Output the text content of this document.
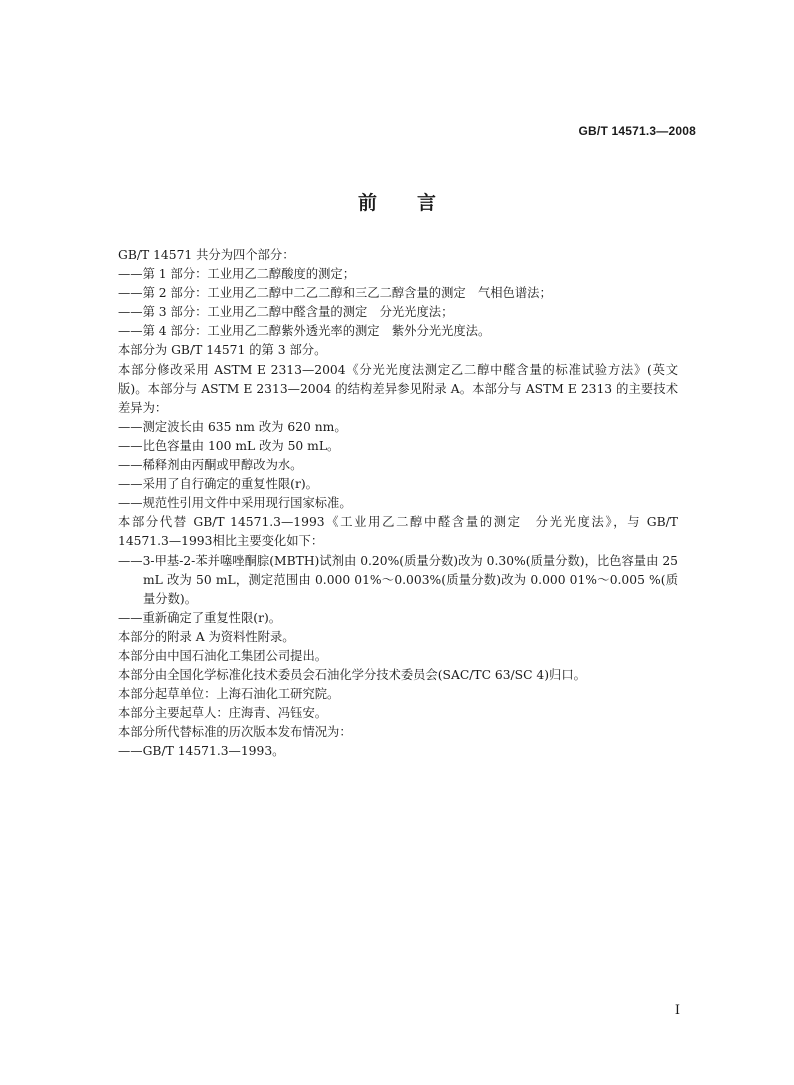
GB/T 14571.3—2008
前言

GB/T 14571 共分为四个部分：

——第 1 部分：工业用乙二醇酸度的测定；

——第 2 部分：工业用乙二醇中二乙二醇和三乙二醇含量的测定　气相色谱法；

——第 3 部分：工业用乙二醇中醛含量的测定　分光光度法；

——第 4 部分：工业用乙二醇紫外透光率的测定　紫外分光光度法。

本部分为 GB/T 14571 的第 3 部分。

本部分修改采用 ASTM E 2313—2004《分光光度法测定乙二醇中醛含量的标准试验方法》(英文版)。本部分与 ASTM E 2313—2004 的结构差异参见附录 A。本部分与 ASTM E 2313 的主要技术差异为：

——测定波长由 635 nm 改为 620 nm。

——比色容量由 100 mL 改为 50 mL。

——稀释剂由丙酮或甲醇改为水。

——采用了自行确定的重复性限(r)。

——规范性引用文件中采用现行国家标准。

本部分代替 GB/T 14571.3—1993《工业用乙二醇中醛含量的测定　分光光度法》，与 GB/T 14571.3—1993相比主要变化如下：

——3-甲基-2-苯并噻唑酮腙(MBTH)试剂由 0.20%(质量分数)改为 0.30%(质量分数)，比色容量由 25 mL 改为 50 mL，测定范围由 0.000 01%～0.003%(质量分数)改为 0.000 01%～0.005 %(质量分数)。

——重新确定了重复性限(r)。

本部分的附录 A 为资料性附录。

本部分由中国石油化工集团公司提出。

本部分由全国化学标准化技术委员会石油化学分技术委员会(SAC/TC 63/SC 4)归口。

本部分起草单位：上海石油化工研究院。

本部分主要起草人：庄海青、冯钰安。

本部分所代替标准的历次版本发布情况为：

——GB/T 14571.3—1993。

I
